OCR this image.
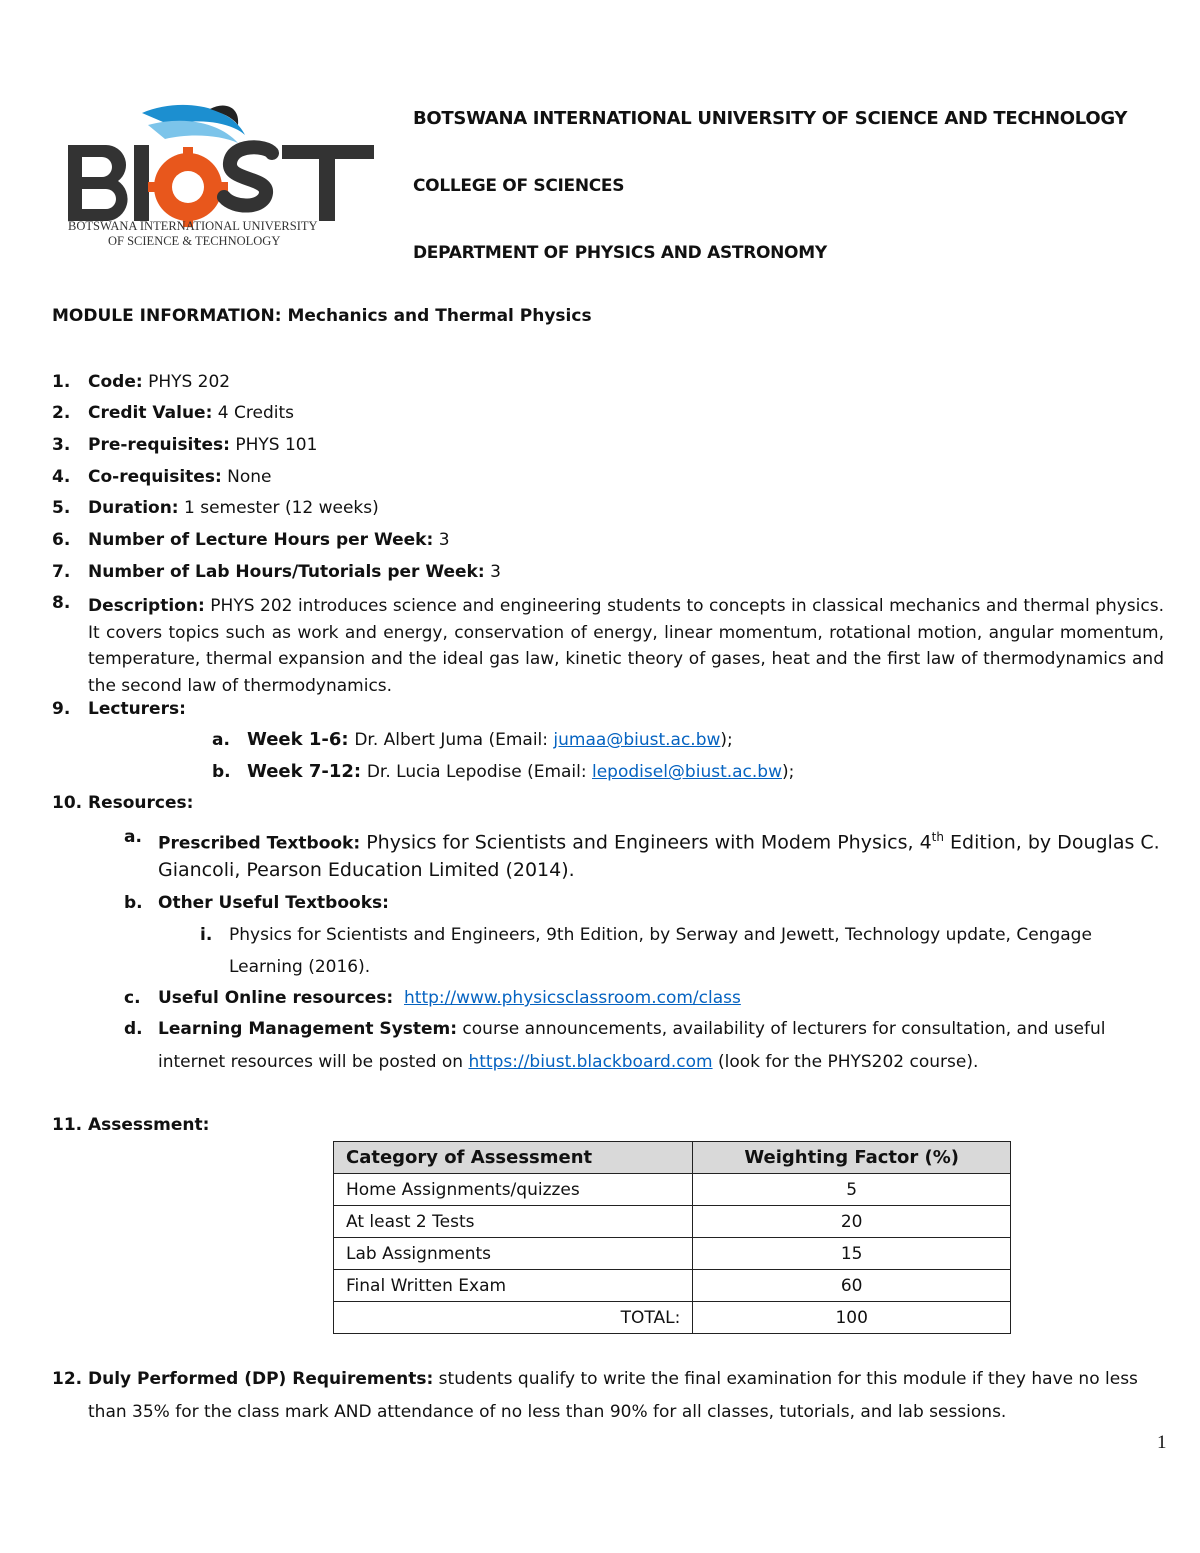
BOTSWANA INTERNATIONAL UNIVERSITY
OF SCIENCE & TECHNOLOGY
BOTSWANA INTERNATIONAL UNIVERSITY OF SCIENCE AND TECHNOLOGY
COLLEGE OF SCIENCES
DEPARTMENT OF PHYSICS AND ASTRONOMY
MODULE INFORMATION: Mechanics and Thermal Physics
1. Code: PHYS 202
2. Credit Value: 4 Credits
3. Pre-requisites: PHYS 101
4. Co-requisites: None
5. Duration: 1 semester (12 weeks)
6. Number of Lecture Hours per Week: 3
7. Number of Lab Hours/Tutorials per Week: 3
8. Description: PHYS 202 introduces science and engineering students to concepts in classical mechanics and thermal physics. It covers topics such as work and energy, conservation of energy, linear momentum, rotational motion, angular momentum, temperature, thermal expansion and the ideal gas law, kinetic theory of gases, heat and the first law of thermodynamics and the second law of thermodynamics.
9. Lecturers:
a. Week 1-6: Dr. Albert Juma (Email: jumaa@biust.ac.bw);
b. Week 7-12: Dr. Lucia Lepodise (Email: lepodisel@biust.ac.bw);
10. Resources:
a. Prescribed Textbook: Physics for Scientists and Engineers with Modem Physics, 4th Edition, by Douglas C.
Giancoli, Pearson Education Limited (2014).
b. Other Useful Textbooks:
i. Physics for Scientists and Engineers, 9th Edition, by Serway and Jewett, Technology update, Cengage
Learning (2016).
c. Useful Online resources: http://www.physicsclassroom.com/class
d. Learning Management System: course announcements, availability of lecturers for consultation, and useful
internet resources will be posted on https://biust.blackboard.com (look for the PHYS202 course).
11. Assessment:
Category of Assessment	Weighting Factor (%)
Home Assignments/quizzes	5
At least 2 Tests	20
Lab Assignments	15
Final Written Exam	60
TOTAL:	100
12. Duly Performed (DP) Requirements: students qualify to write the final examination for this module if they have no less
than 35% for the class mark AND attendance of no less than 90% for all classes, tutorials, and lab sessions.
1
